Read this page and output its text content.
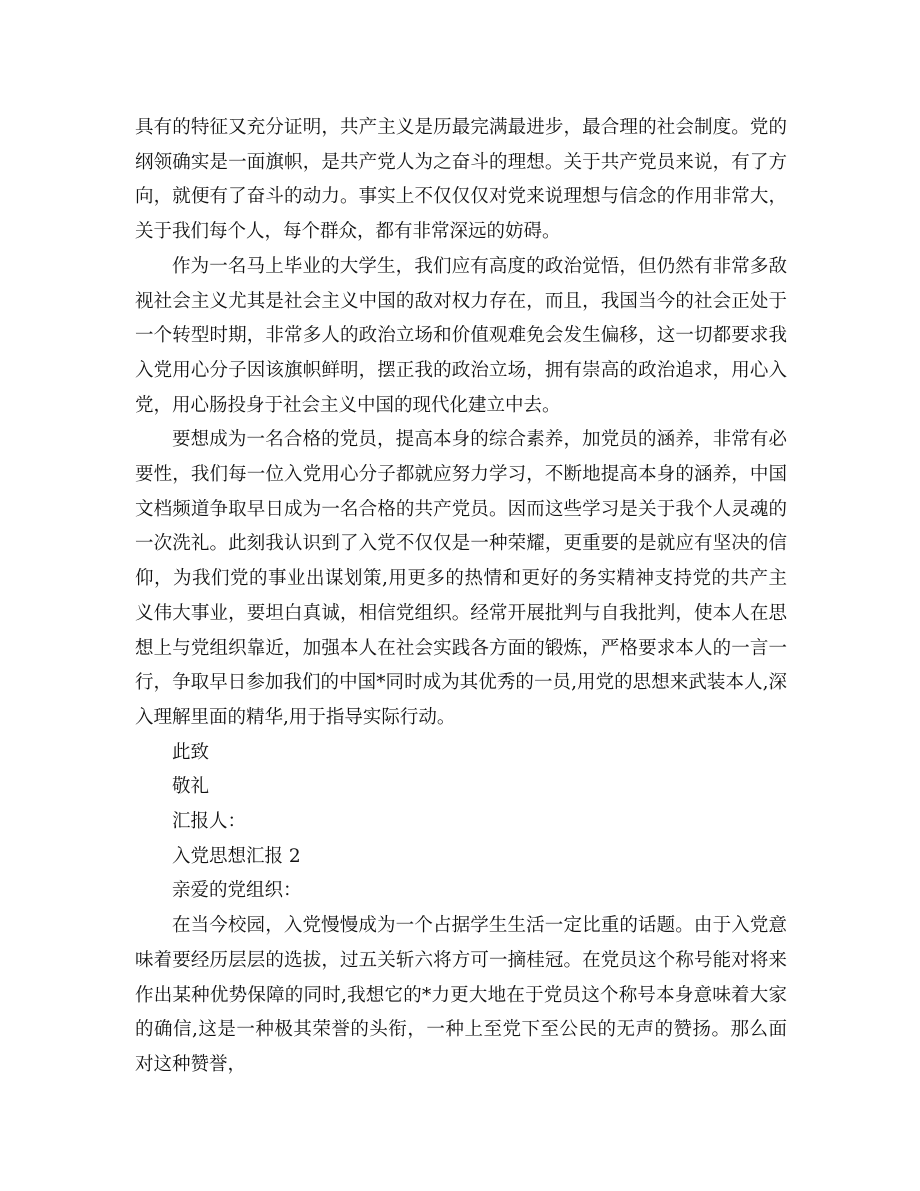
具有的特征又充分证明，共产主义是历最完满最进步，最合理的社会制度。党的纲领确实是一面旗帜，是共产党人为之奋斗的理想。关于共产党员来说，有了方向，就便有了奋斗的动力。事实上不仅仅仅对党来说理想与信念的作用非常大，关于我们每个人，每个群众，都有非常深远的妨碍。

作为一名马上毕业的大学生，我们应有高度的政治觉悟，但仍然有非常多敌视社会主义尤其是社会主义中国的敌对权力存在，而且，我国当今的社会正处于一个转型时期，非常多人的政治立场和价值观难免会发生偏移，这一切都要求我入党用心分子因该旗帜鲜明，摆正我的政治立场，拥有崇高的政治追求，用心入党，用心肠投身于社会主义中国的现代化建立中去。

要想成为一名合格的党员，提高本身的综合素养，加党员的涵养，非常有必要性，我们每一位入党用心分子都就应努力学习，不断地提高本身的涵养，中国文档频道争取早日成为一名合格的共产党员。因而这些学习是关于我个人灵魂的一次洗礼。此刻我认识到了入党不仅仅是一种荣耀，更重要的是就应有坚决的信仰，为我们党的事业出谋划策,用更多的热情和更好的务实精神支持党的共产主义伟大事业，要坦白真诚，相信党组织。经常开展批判与自我批判，使本人在思想上与党组织靠近，加强本人在社会实践各方面的锻炼，严格要求本人的一言一行，争取早日参加我们的中国*同时成为其优秀的一员,用党的思想来武装本人,深入理解里面的精华,用于指导实际行动。

此致

敬礼

汇报人：

入党思想汇报 2

亲爱的党组织：

在当今校园，入党慢慢成为一个占据学生生活一定比重的话题。由于入党意味着要经历层层的选拔，过五关斩六将方可一摘桂冠。在党员这个称号能对将来作出某种优势保障的同时,我想它的*力更大地在于党员这个称号本身意味着大家的确信,这是一种极其荣誉的头衔，一种上至党下至公民的无声的赞扬。那么面对这种赞誉，
